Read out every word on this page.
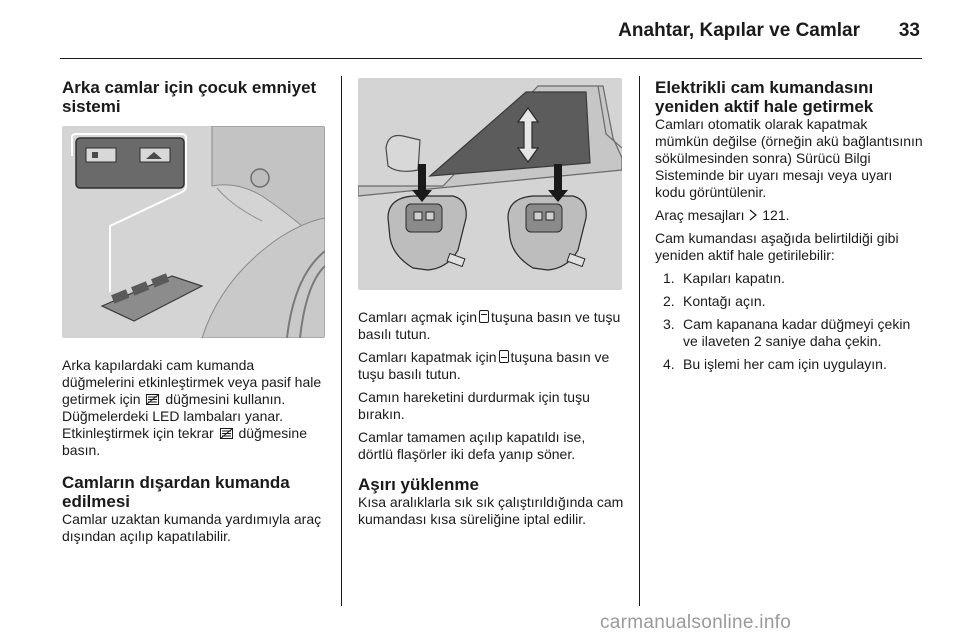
Anahtar, Kapılar ve Camlar	33
Arka camlar için çocuk emniyet sistemi

Arka kapılardaki cam kumanda düğmelerini etkinleştirmek veya pasif hale getirmek için düğmesini kullanın. Düğmelerdeki LED lambaları yanar. Etkinleştirmek için tekrar düğmesine basın.

Camların dışardan kumanda edilmesi

Camlar uzaktan kumanda yardımıyla araç dışından açılıp kapatılabilir.

Camları açmak için tuşuna basın ve tuşu basılı tutun.

Camları kapatmak için tuşuna basın ve tuşu basılı tutun.

Camın hareketini durdurmak için tuşu bırakın.

Camlar tamamen açılıp kapatıldı ise, dörtlü flaşörler iki defa yanıp söner.

Aşırı yüklenme

Kısa aralıklarla sık sık çalıştırıldığında cam kumandası kısa süreliğine iptal edilir.

Elektrikli cam kumandasını yeniden aktif hale getirmek

Camları otomatik olarak kapatmak mümkün değilse (örneğin akü bağlantısının sökülmesinden sonra) Sürücü Bilgi Sisteminde bir uyarı mesajı veya uyarı kodu görüntülenir.

Araç mesajları 121.

Cam kumandası aşağıda belirtildiği gibi yeniden aktif hale getirilebilir:

1. Kapıları kapatın.
2. Kontağı açın.
3. Cam kapanana kadar düğmeyi çekin ve ilaveten 2 saniye daha çekin.
4. Bu işlemi her cam için uygulayın.
carmanualsonline.info
